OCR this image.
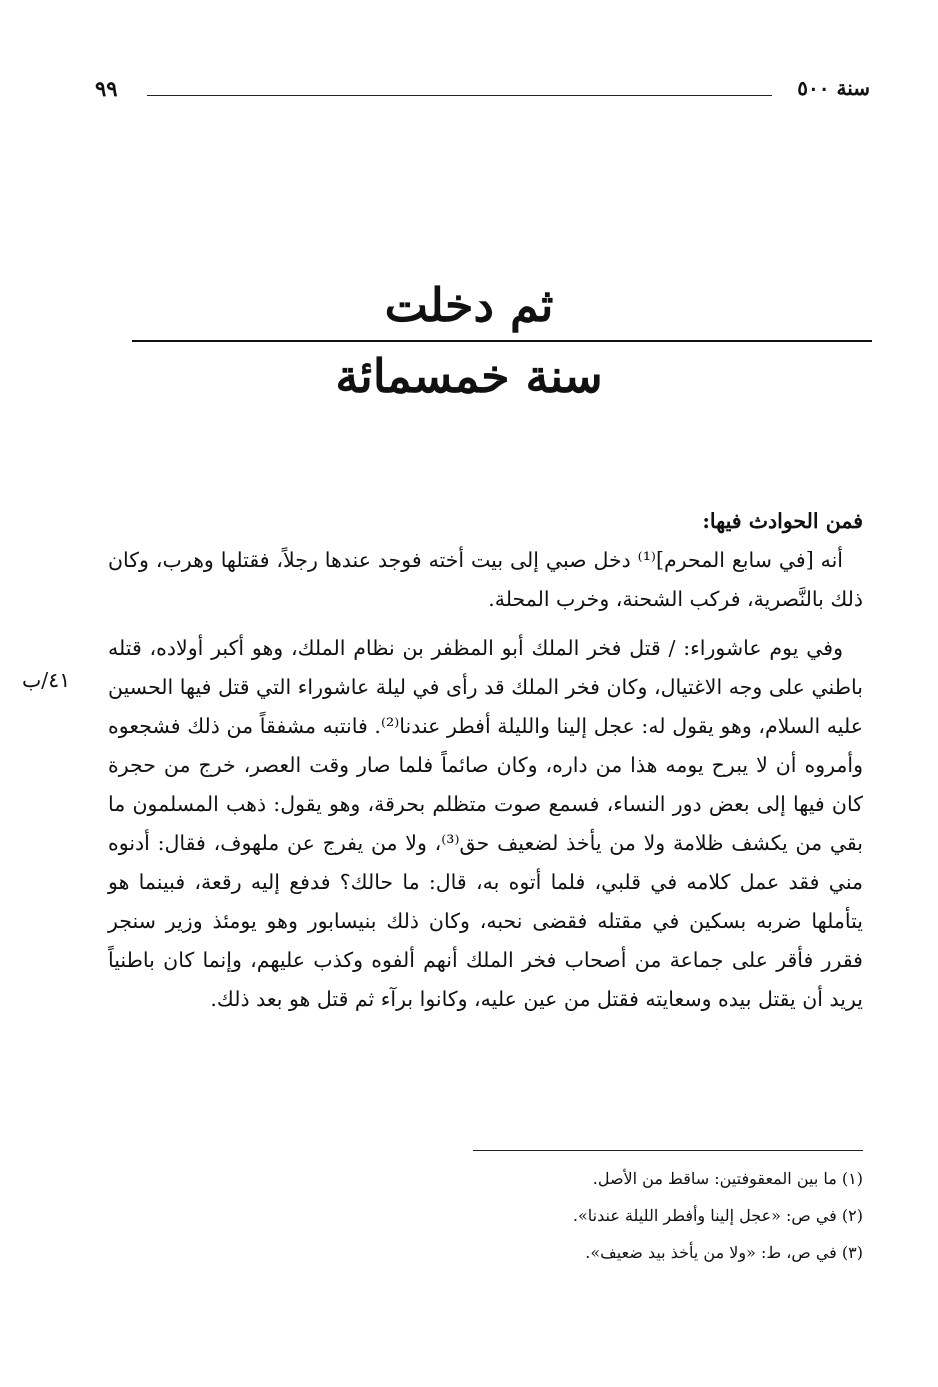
سنة ٥٠٠
٩٩
ثم دخلت
سنة خمسمائة

فمن الحوادث فيها:

أنه [في سابع المحرم]⁽¹⁾ دخل صبي إلى بيت أخته فوجد عندها رجلاً، فقتلها وهرب، وكان ذلك بالنَّصرية، فركب الشحنة، وخرب المحلة.

وفي يوم عاشوراء: / قتل فخر الملك أبو المظفر بن نظام الملك، وهو أكبر أولاده، قتله باطني على وجه الاغتيال، وكان فخر الملك قد رأى في ليلة عاشوراء التي قتل فيها الحسين عليه السلام، وهو يقول له: عجل إلينا والليلة أفطر عندنا⁽²⁾. فانتبه مشفقاً من ذلك فشجعوه وأمروه أن لا يبرح يومه هذا من داره، وكان صائماً فلما صار وقت العصر، خرج من حجرة كان فيها إلى بعض دور النساء، فسمع صوت متظلم بحرقة، وهو يقول: ذهب المسلمون ما بقي من يكشف ظلامة ولا من يأخذ لضعيف حق⁽³⁾، ولا من يفرج عن ملهوف، فقال: أدنوه مني فقد عمل كلامه في قلبي، فلما أتوه به، قال: ما حالك؟ فدفع إليه رقعة، فبينما هو يتأملها ضربه بسكين في مقتله فقضى نحبه، وكان ذلك بنيسابور وهو يومئذ وزير سنجر فقرر فأقر على جماعة من أصحاب فخر الملك أنهم ألفوه وكذب عليهم، وإنما كان باطنياً يريد أن يقتل بيده وسعايته فقتل من عين عليه، وكانوا برآء ثم قتل هو بعد ذلك.

٤١/ب

(١) ما بين المعقوفتين: ساقط من الأصل.

(٢) في ص: «عجل إلينا وأفطر الليلة عندنا».

(٣) في ص، ط: «ولا من يأخذ بيد ضعيف».
